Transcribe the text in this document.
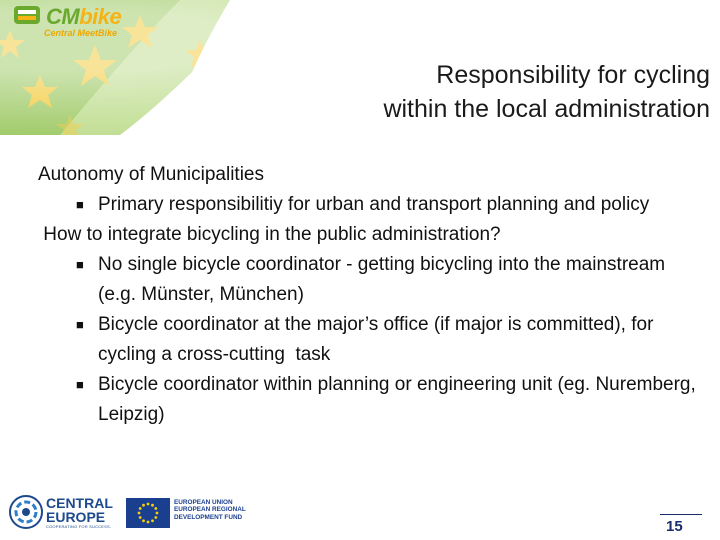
CMbike
Central MeetBike
Responsibility for cycling
within the local administration

Autonomy of Municipalities

■ Primary responsibilitiy for urban and transport planning and policy

How to integrate bicycling in the public administration?

■ No single bicycle coordinator - getting bicycling into the mainstream (e.g. Münster, München)

■ Bicycle coordinator at the major’s office (if major is committed), for cycling a cross-cutting  task

■ Bicycle coordinator within planning or engineering unit (eg. Nuremberg, Leipzig)

CENTRAL
EUROPE
COOPERATING FOR SUCCESS.
EUROPEAN UNION
EUROPEAN REGIONAL
DEVELOPMENT FUND
15
